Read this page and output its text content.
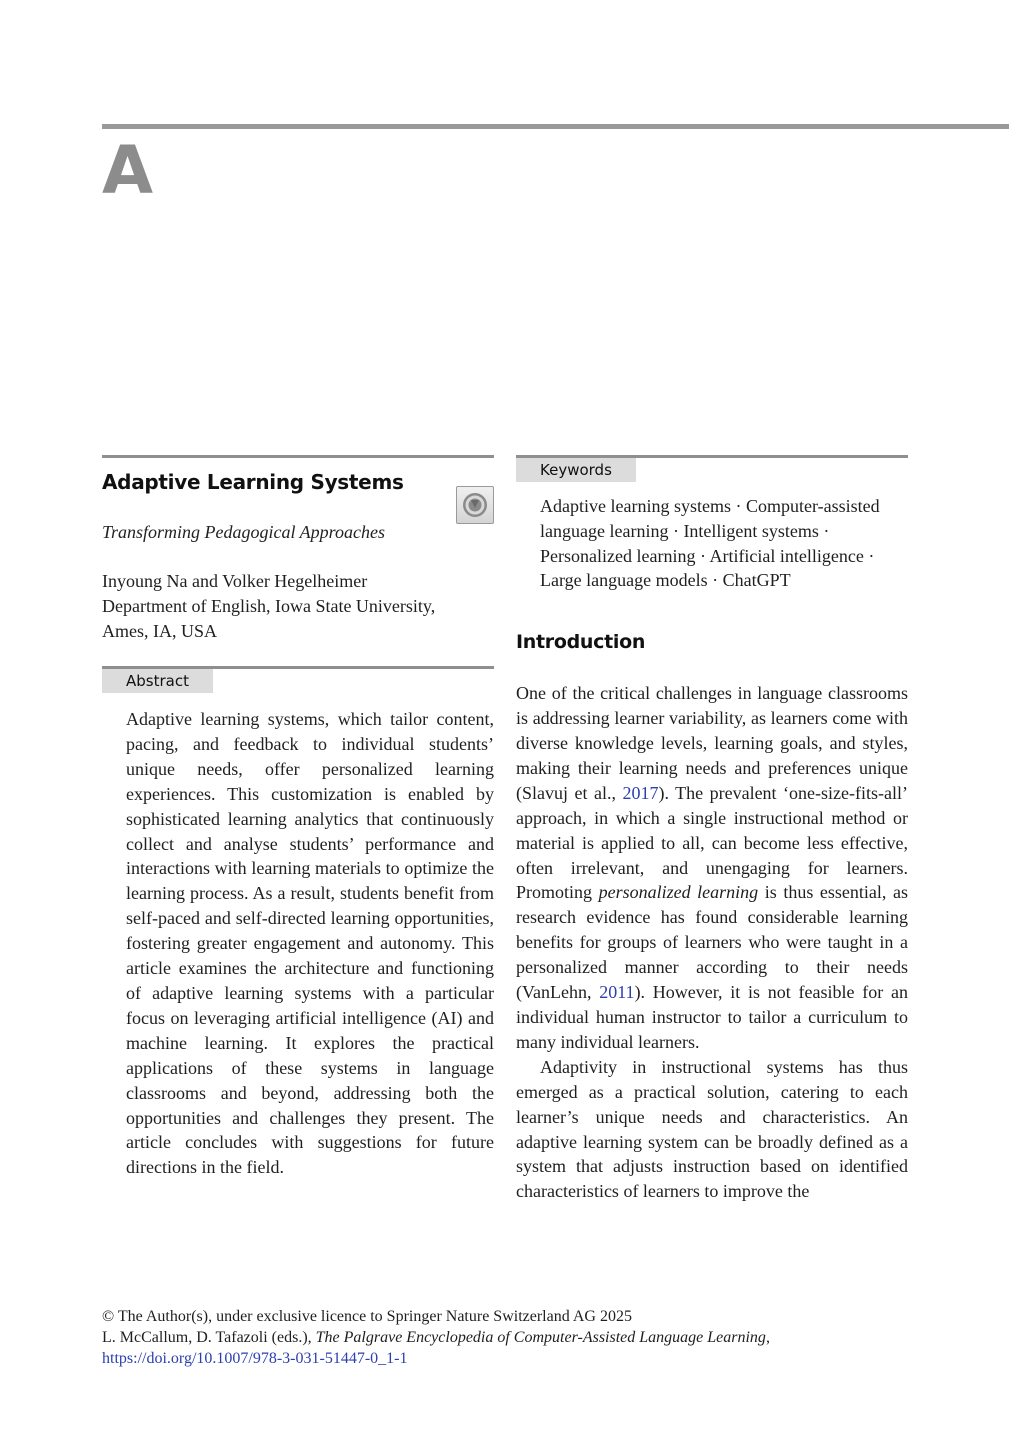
A
Adaptive Learning Systems
Transforming Pedagogical Approaches
Inyoung Na and Volker Hegelheimer
Department of English, Iowa State University,
Ames, IA, USA
Abstract
Adaptive learning systems, which tailor content, pacing, and feedback to individual students’ unique needs, offer personalized learning experiences. This customization is enabled by sophisticated learning analytics that continuously collect and analyse students’ performance and interactions with learning materials to optimize the learning process. As a result, students benefit from self-paced and self-directed learning opportunities, fostering greater engagement and autonomy. This article examines the architecture and functioning of adaptive learning systems with a particular focus on leveraging artificial intelligence (AI) and machine learning. It explores the practical applications of these systems in language classrooms and beyond, addressing both the opportunities and challenges they present. The article concludes with suggestions for future directions in the field.
Keywords
Adaptive learning systems · Computer-assisted language learning · Intelligent systems · Personalized learning · Artificial intelligence · Large language models · ChatGPT
Introduction

One of the critical challenges in language classrooms is addressing learner variability, as learners come with diverse knowledge levels, learning goals, and styles, making their learning needs and preferences unique (Slavuj et al., 2017). The prevalent ‘one-size-fits-all’ approach, in which a single instructional method or material is applied to all, can become less effective, often irrelevant, and unengaging for learners. Promoting personalized learning is thus essential, as research evidence has found considerable learning benefits for groups of learners who were taught in a personalized manner according to their needs (VanLehn, 2011). However, it is not feasible for an individual human instructor to tailor a curriculum to many individual learners.

Adaptivity in instructional systems has thus emerged as a practical solution, catering to each learner’s unique needs and characteristics. An adaptive learning system can be broadly defined as a system that adjusts instruction based on identified characteristics of learners to improve the

© The Author(s), under exclusive licence to Springer Nature Switzerland AG 2025
L. McCallum, D. Tafazoli (eds.), The Palgrave Encyclopedia of Computer-Assisted Language Learning,
https://doi.org/10.1007/978-3-031-51447-0_1-1
